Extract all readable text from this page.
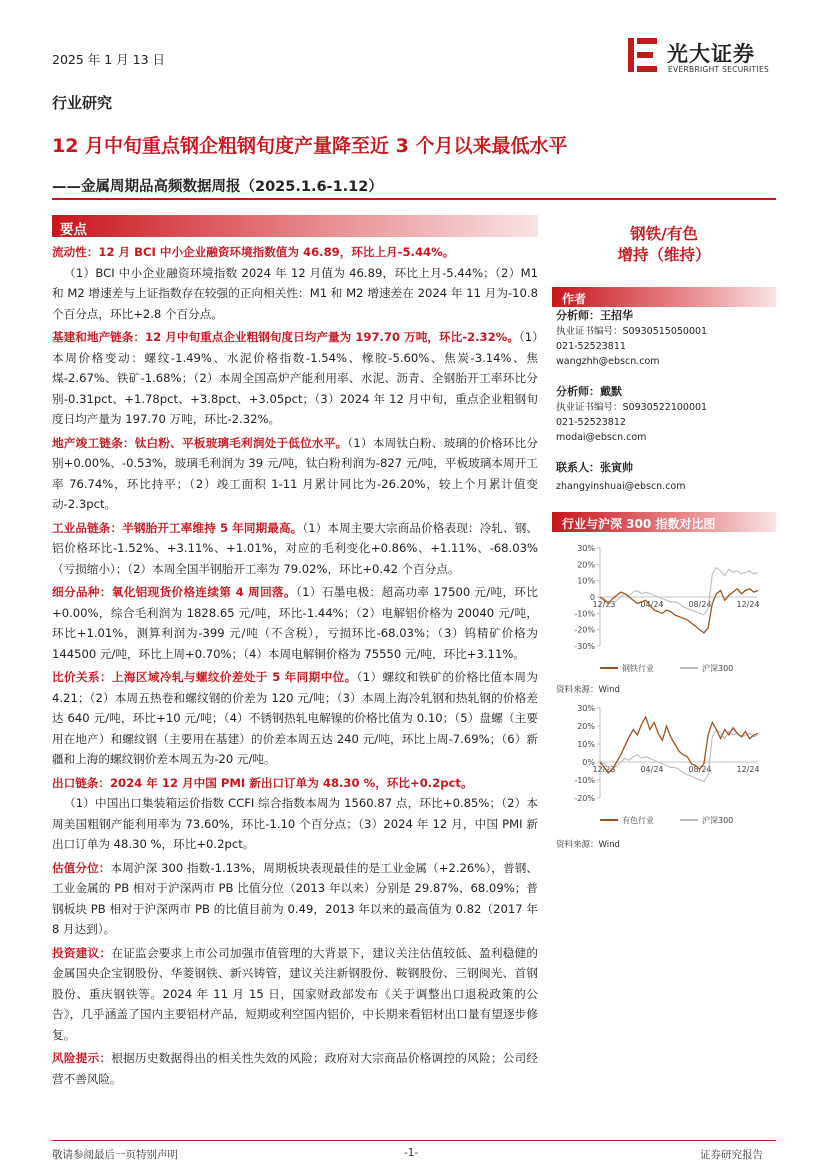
2025 年 1 月 13 日	光大证券
EVERBRIGHT SECURITIES
行业研究
12 月中旬重点钢企粗钢旬度产量降至近 3 个月以来最低水平
——金属周期品高频数据周报（2025.1.6-1.12）
要点

流动性：12 月 BCI 中小企业融资环境指数值为 46.89，环比上月-5.44%。
（1）BCI 中小企业融资环境指数 2024 年 12 月值为 46.89，环比上月-5.44%；（2）M1 和 M2 增速差与上证指数存在较强的正向相关性：M1 和 M2 增速差在 2024 年 11 月为-10.8 个百分点，环比+2.8 个百分点。

基建和地产链条：12 月中旬重点企业粗钢旬度日均产量为 197.70 万吨，环比-2.32%。（1）本周价格变动：螺纹-1.49%、水泥价格指数-1.54%、橡胶-5.60%、焦炭-3.14%、焦煤-2.67%、铁矿-1.68%；（2）本周全国高炉产能利用率、水泥、沥青、全钢胎开工率环比分别-0.31pct、+1.78pct、+3.8pct、+3.05pct；（3）2024 年 12 月中旬，重点企业粗钢旬度日均产量为 197.70 万吨，环比-2.32%。

地产竣工链条：钛白粉、平板玻璃毛利润处于低位水平。（1）本周钛白粉、玻璃的价格环比分别+0.00%、-0.53%，玻璃毛利润为 39 元/吨，钛白粉利润为-827 元/吨，平板玻璃本周开工率 76.74%，环比持平；（2）竣工面积 1-11 月累计同比为-26.20%，较上个月累计值变动-2.3pct。

工业品链条：半钢胎开工率维持 5 年同期最高。（1）本周主要大宗商品价格表现：冷轧、钢、铝价格环比-1.52%、+3.11%、+1.01%，对应的毛利变化+0.86%、+1.11%、-68.03%（亏损缩小）；（2）本周全国半钢胎开工率为 79.02%，环比+0.42 个百分点。

细分品种：氧化铝现货价格连续第 4 周回落。（1）石墨电极：超高功率 17500 元/吨，环比+0.00%，综合毛利润为 1828.65 元/吨，环比-1.44%；（2）电解铝价格为 20040 元/吨，环比+1.01%，测算利润为-399 元/吨（不含税），亏损环比-68.03%；（3）钨精矿价格为 144500 元/吨，环比上周+0.70%；（4）本周电解铜价格为 75550 元/吨，环比+3.11%。

比价关系：上海区域冷轧与螺纹价差处于 5 年同期中位。（1）螺纹和铁矿的价格比值本周为 4.21；（2）本周五热卷和螺纹钢的价差为 120 元/吨；（3）本周上海冷轧钢和热轧钢的价格差达 640 元/吨，环比+10 元/吨；（4）不锈钢热轧电解镍的价格比值为 0.10；（5）盘螺（主要用在地产）和螺纹钢（主要用在基建）的价差本周五达 240 元/吨，环比上周-7.69%；（6）新疆和上海的螺纹钢价差本周五为-20 元/吨。

出口链条：2024 年 12 月中国 PMI 新出口订单为 48.30 %，环比+0.2pct。
（1）中国出口集装箱运价指数 CCFI 综合指数本周为 1560.87 点，环比+0.85%；（2）本周美国粗钢产能利用率为 73.60%，环比-1.10 个百分点；（3）2024 年 12 月，中国 PMI 新出口订单为 48.30 %，环比+0.2pct。

估值分位：本周沪深 300 指数-1.13%，周期板块表现最佳的是工业金属（+2.26%），普钢、工业金属的 PB 相对于沪深两市 PB 比值分位（2013 年以来）分别是 29.87%、68.09%；普钢板块 PB 相对于沪深两市 PB 的比值目前为 0.49，2013 年以来的最高值为 0.82（2017 年 8 月达到）。

投资建议：在证监会要求上市公司加强市值管理的大背景下，建议关注估值较低、盈利稳健的金属国央企宝钢股份、华菱钢铁、新兴铸管，建议关注新钢股份、鞍钢股份、三钢闽光、首钢股份、重庆钢铁等。2024 年 11 月 15 日，国家财政部发布《关于调整出口退税政策的公告》，几乎涵盖了国内主要铝材产品，短期或利空国内铝价，中长期来看铝材出口量有望逐步修复。

风险提示：根据历史数据得出的相关性失效的风险；政府对大宗商品价格调控的风险；公司经营不善风险。

钢铁/有色
增持（维持）
作者
分析师：王招华
执业证书编号：S0930515050001
021-52523811
wangzhh@ebscn.com
分析师：戴默
执业证书编号：S0930522100001
021-52523812
modai@ebscn.com
联系人：张寅帅
zhangyinshuai@ebscn.com
行业与沪深 300 指数对比图
30%
20%
10%
0
-10%
-20%
-30%
12/23	04/24	08/24	12/24
钢铁行业	沪深300
资料来源：Wind
30%
20%
10%
0%
-10%
-20%
12/23	04/24	08/24	12/24
有色行业	沪深300
资料来源：Wind
敬请参阅最后一页特别声明	-1-	证券研究报告
